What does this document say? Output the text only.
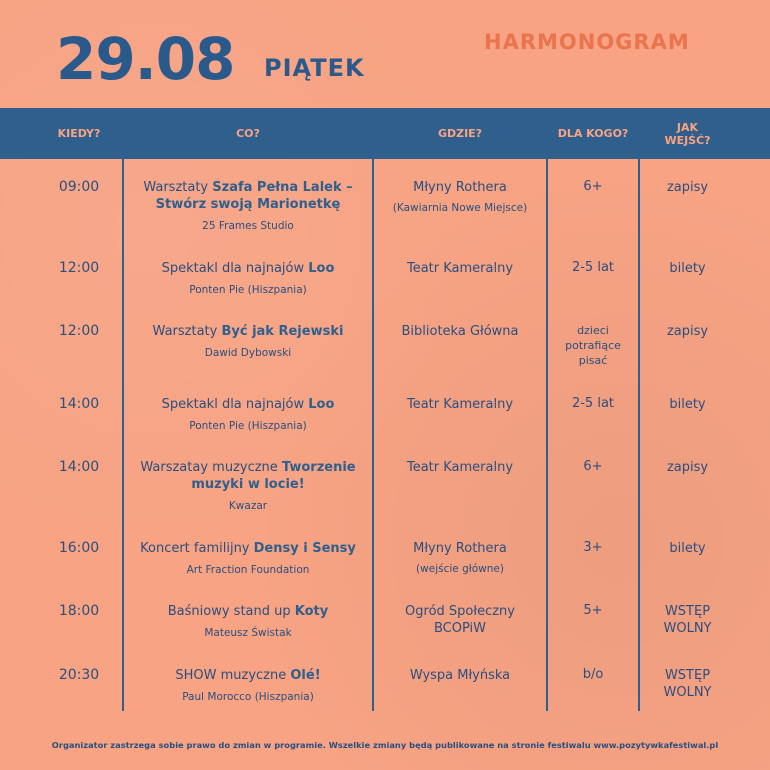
29.08 PIĄTEK
HARMONOGRAM
KIEDY?	CO?	GDZIE?	DLA KOGO?	JAK
WEJŚĆ?
09:00	Warsztaty Szafa Pełna Lalek – Stwórz swoją Marionetkę
25 Frames Studio
Młyny Rothera
(Kawiarnia Nowe Miejsce)
6+	zapisy
12:00	Spektakl dla najnajów Loo
Ponten Pie (Hiszpania)
Teatr Kameralny	2-5 lat	bilety
12:00	Warsztaty Być jak Rejewski
Dawid Dybowski
Biblioteka Główna	dzieci potrafiące pisać
zapisy
14:00	Spektakl dla najnajów Loo
Ponten Pie (Hiszpania)
Teatr Kameralny	2-5 lat	bilety
14:00	Warszatay muzyczne Tworzenie muzyki w locie!
Kwazar
Teatr Kameralny	6+	zapisy
16:00	Koncert familijny Densy i Sensy
Art Fraction Foundation
Młyny Rothera
(wejście główne)
3+	bilety
18:00	Baśniowy stand up Koty
Mateusz Świstak
Ogród Społeczny BCOPiW
5+	WSTĘP WOLNY
20:30	SHOW muzyczne Olé!
Paul Morocco (Hiszpania)
Wyspa Młyńska	b/o	WSTĘP WOLNY
Organizator zastrzega sobie prawo do zmian w programie. Wszelkie zmiany będą publikowane na stronie festiwalu www.pozytywkafestiwal.pl
